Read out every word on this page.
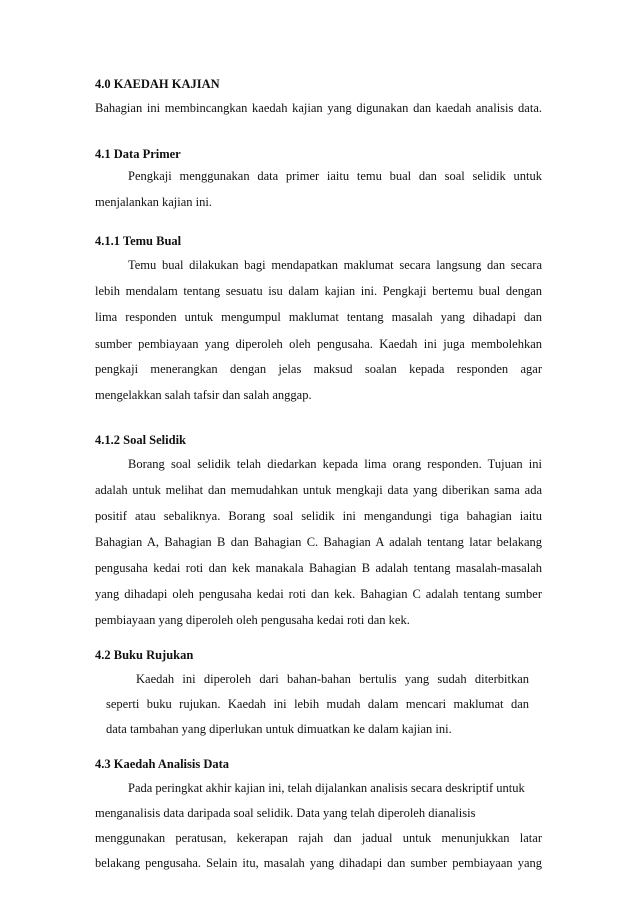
4.0 KAEDAH KAJIAN
Bahagian ini membincangkan kaedah kajian yang digunakan dan kaedah analisis data.
4.1 Data Primer
Pengkaji menggunakan data primer iaitu temu bual dan soal selidik untuk
menjalankan kajian ini.
4.1.1 Temu Bual
Temu bual dilakukan bagi mendapatkan maklumat secara langsung dan secara
lebih mendalam tentang sesuatu isu dalam kajian ini. Pengkaji bertemu bual dengan
lima responden untuk mengumpul maklumat tentang masalah yang dihadapi dan
sumber pembiayaan yang diperoleh oleh pengusaha. Kaedah ini juga membolehkan
pengkaji menerangkan dengan jelas maksud soalan kepada responden agar
mengelakkan salah tafsir dan salah anggap.
4.1.2 Soal Selidik
Borang soal selidik telah diedarkan kepada lima orang responden. Tujuan ini
adalah untuk melihat dan memudahkan untuk mengkaji data yang diberikan sama ada
positif atau sebaliknya. Borang soal selidik ini mengandungi tiga bahagian iaitu
Bahagian A, Bahagian B dan Bahagian C. Bahagian A adalah tentang latar belakang
pengusaha kedai roti dan kek manakala Bahagian B adalah tentang masalah-masalah
yang dihadapi oleh pengusaha kedai roti dan kek. Bahagian C adalah tentang sumber
pembiayaan yang diperoleh oleh pengusaha kedai roti dan kek.
4.2 Buku Rujukan
Kaedah ini diperoleh dari bahan-bahan bertulis yang sudah diterbitkan
seperti buku rujukan. Kaedah ini lebih mudah dalam mencari maklumat dan
data tambahan yang diperlukan untuk dimuatkan ke dalam kajian ini.
4.3 Kaedah Analisis Data
Pada peringkat akhir kajian ini, telah dijalankan analisis secara deskriptif untuk
menganalisis data daripada soal selidik. Data yang telah diperoleh dianalisis
menggunakan peratusan, kekerapan rajah dan jadual untuk menunjukkan latar
belakang pengusaha. Selain itu, masalah yang dihadapi dan sumber pembiayaan yang
